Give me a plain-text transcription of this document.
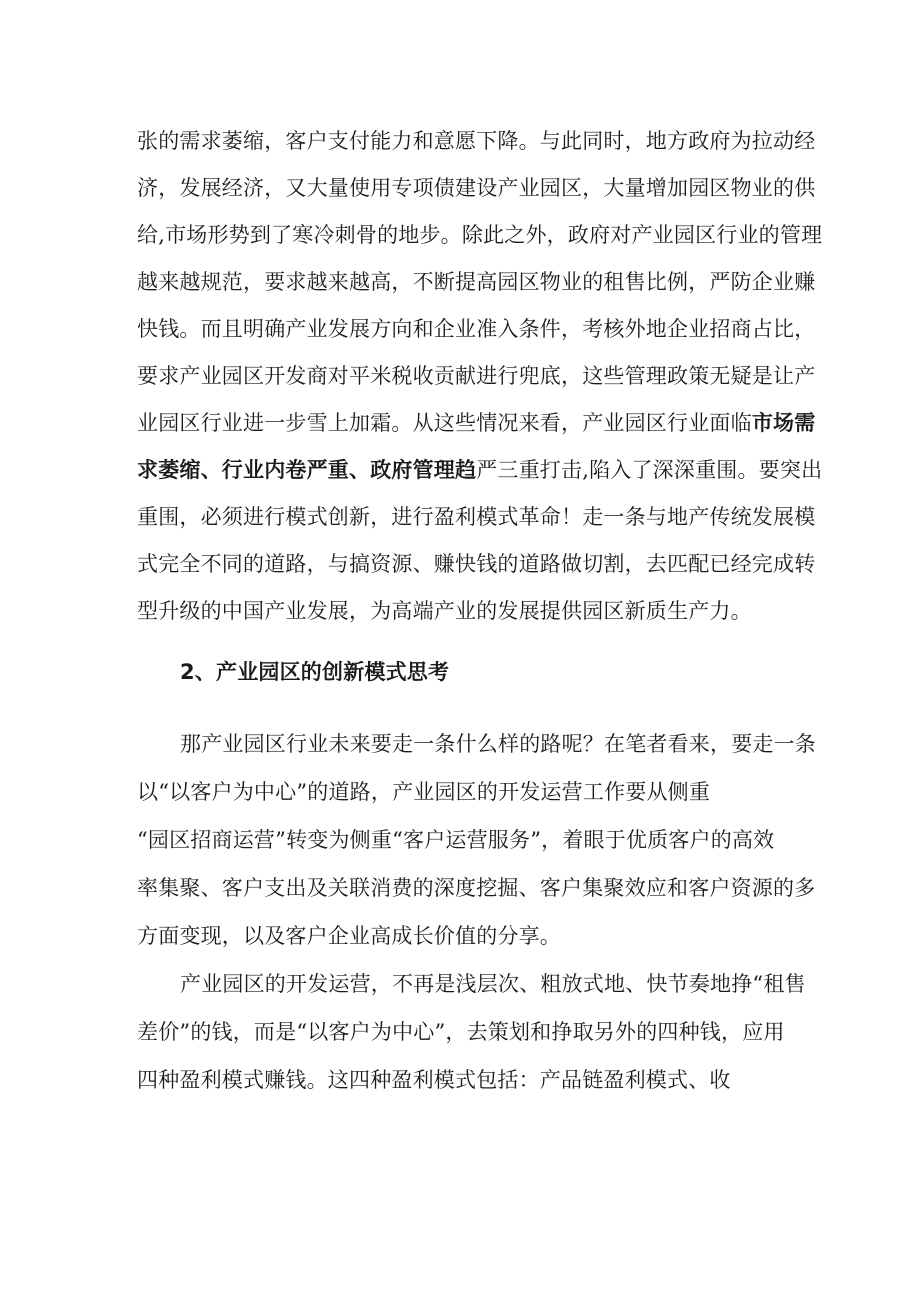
张的需求萎缩，客户支付能力和意愿下降。与此同时，地方政府为拉动经
济，发展经济，又大量使用专项债建设产业园区，大量增加园区物业的供
给,市场形势到了寒冷刺骨的地步。除此之外，政府对产业园区行业的管理
越来越规范，要求越来越高，不断提高园区物业的租售比例，严防企业赚
快钱。而且明确产业发展方向和企业准入条件，考核外地企业招商占比，
要求产业园区开发商对平米税收贡献进行兜底，这些管理政策无疑是让产
业园区行业进一步雪上加霜。从这些情况来看，产业园区行业面临市场需
求萎缩、行业内卷严重、政府管理趋严三重打击,陷入了深深重围。要突出
重围，必须进行模式创新，进行盈利模式革命！走一条与地产传统发展模
式完全不同的道路，与搞资源、赚快钱的道路做切割，去匹配已经完成转
型升级的中国产业发展，为高端产业的发展提供园区新质生产力。
2、产业园区的创新模式思考
那产业园区行业未来要走一条什么样的路呢？在笔者看来，要走一条
以“以客户为中心”的道路，产业园区的开发运营工作要从侧重
“园区招商运营”转变为侧重“客户运营服务”，着眼于优质客户的高效
率集聚、客户支出及关联消费的深度挖掘、客户集聚效应和客户资源的多
方面变现，以及客户企业高成长价值的分享。
产业园区的开发运营，不再是浅层次、粗放式地、快节奏地挣“租售
差价”的钱，而是“以客户为中心”，去策划和挣取另外的四种钱，应用
四种盈利模式赚钱。这四种盈利模式包括：产品链盈利模式、收
